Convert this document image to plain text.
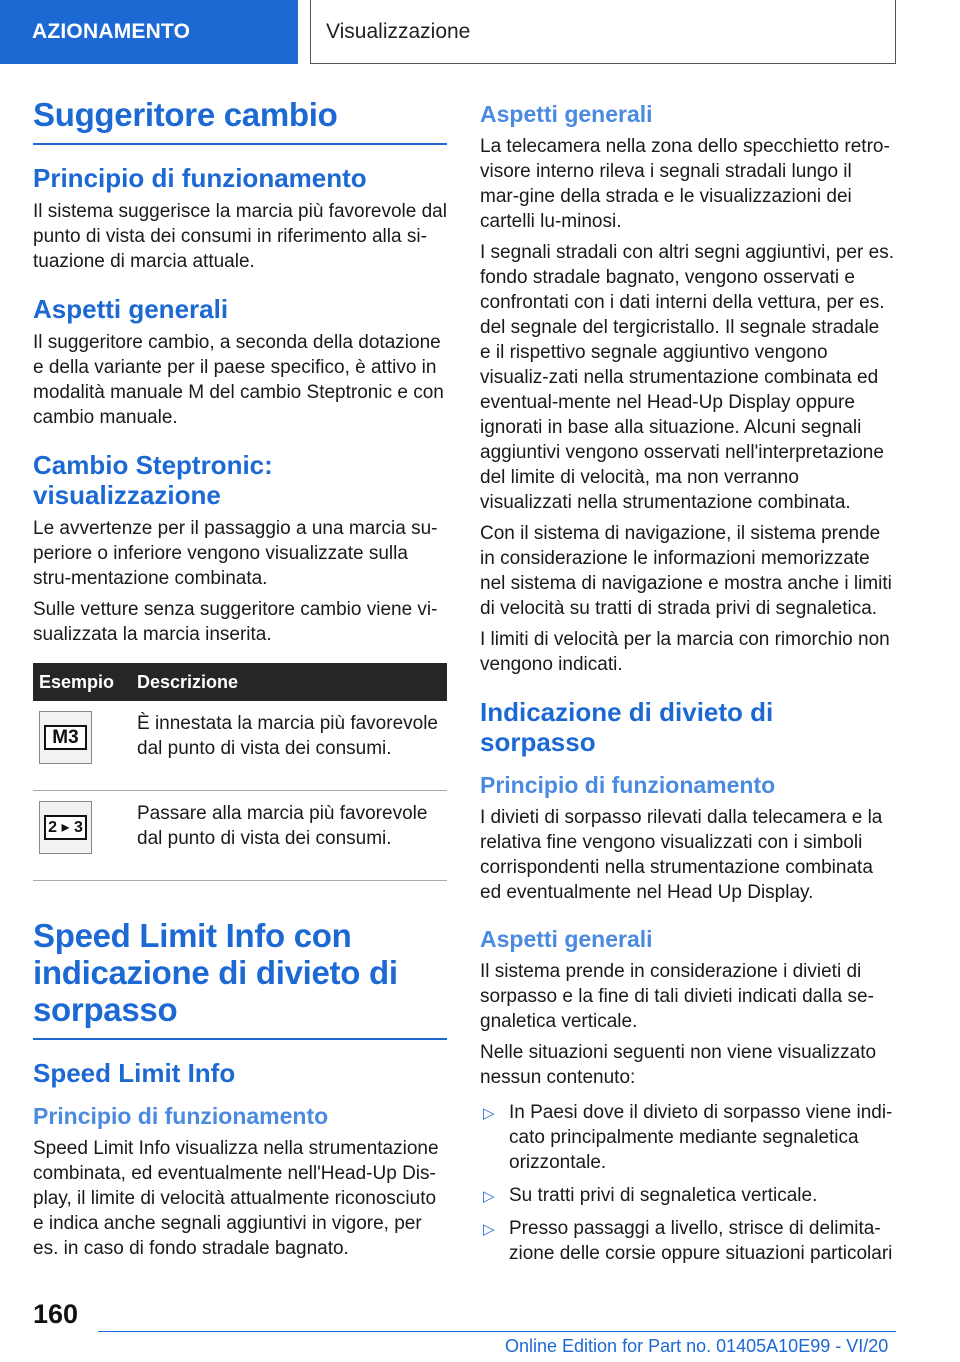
AZIONAMENTO	Visualizzazione
Suggeritore cambio
Principio di funzionamento

Il sistema suggerisce la marcia più favorevole dal punto di vista dei consumi in riferimento alla si-tuazione di marcia attuale.

Aspetti generali

Il suggeritore cambio, a seconda della dotazione e della variante per il paese specifico, è attivo in modalità manuale M del cambio Steptronic e con cambio manuale.

Cambio Steptronic: visualizzazione

Le avvertenze per il passaggio a una marcia su-periore o inferiore vengono visualizzate sulla stru-mentazione combinata.

Sulle vetture senza suggeritore cambio viene vi-sualizzata la marcia inserita.

Esempio	Descrizione

M3	È innestata la marcia più favorevole dal punto di vista dei consumi.

2 ▸ 3	Passare alla marcia più favorevole dal punto di vista dei consumi.
Speed Limit Info con indicazione di divieto di sorpasso
Speed Limit Info
Principio di funzionamento

Speed Limit Info visualizza nella strumentazione combinata, ed eventualmente nell'Head-Up Dis-play, il limite di velocità attualmente riconosciuto e indica anche segnali aggiuntivi in vigore, per es. in caso di fondo stradale bagnato.

Aspetti generali

La telecamera nella zona dello specchietto retro-visore interno rileva i segnali stradali lungo il mar-gine della strada e le visualizzazioni dei cartelli lu-minosi.

I segnali stradali con altri segni aggiuntivi, per es. fondo stradale bagnato, vengono osservati e confrontati con i dati interni della vettura, per es. del segnale del tergicristallo. Il segnale stradale e il rispettivo segnale aggiuntivo vengono visualiz-zati nella strumentazione combinata ed eventual-mente nel Head-Up Display oppure ignorati in base alla situazione. Alcuni segnali aggiuntivi vengono osservati nell'interpretazione del limite di velocità, ma non verranno visualizzati nella strumentazione combinata.

Con il sistema di navigazione, il sistema prende in considerazione le informazioni memorizzate nel sistema di navigazione e mostra anche i limiti di velocità su tratti di strada privi di segnaletica.

I limiti di velocità per la marcia con rimorchio non vengono indicati.

Indicazione di divieto di sorpasso
Principio di funzionamento

I divieti di sorpasso rilevati dalla telecamera e la relativa fine vengono visualizzati con i simboli corrispondenti nella strumentazione combinata ed eventualmente nel Head Up Display.

Aspetti generali

Il sistema prende in considerazione i divieti di sorpasso e la fine di tali divieti indicati dalla se-gnaletica verticale.

Nelle situazioni seguenti non viene visualizzato nessun contenuto:

▷ In Paesi dove il divieto di sorpasso viene indi-cato principalmente mediante segnaletica orizzontale.
▷ Su tratti privi di segnaletica verticale.
▷ Presso passaggi a livello, strisce di delimita-zione delle corsie oppure situazioni particolari
160
Online Edition for Part no. 01405A10E99 - VI/20
